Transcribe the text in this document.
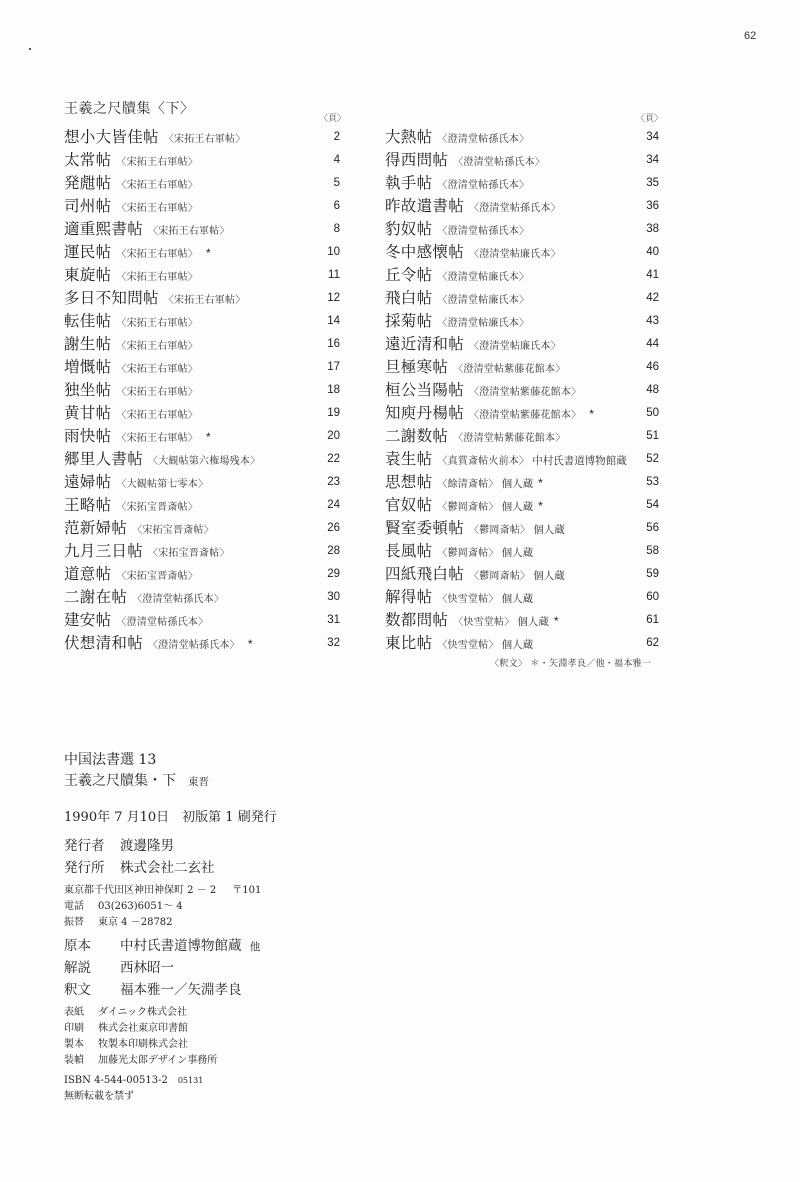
62
王羲之尺牘集〈下〉
〈頁〉
想小大皆佳帖 〈宋拓王右軍帖〉	2
太常帖 〈宋拓王右軍帖〉	4
発甝帖 〈宋拓王右軍帖〉	5
司州帖 〈宋拓王右軍帖〉	6
適重熙書帖 〈宋拓王右軍帖〉	8
運民帖 〈宋拓王右軍帖〉 *	10
東旋帖 〈宋拓王右軍帖〉	11
多日不知問帖 〈宋拓王右軍帖〉	12
転佳帖 〈宋拓王右軍帖〉	14
謝生帖 〈宋拓王右軍帖〉	16
増慨帖 〈宋拓王右軍帖〉	17
独坐帖 〈宋拓王右軍帖〉	18
黄甘帖 〈宋拓王右軍帖〉	19
雨快帖 〈宋拓王右軍帖〉 *	20
郷里人書帖 〈大観帖第六権場残本〉	22
遠婦帖 〈大観帖第七零本〉	23
王略帖 〈宋拓宝晋斎帖〉	24
范新婦帖 〈宋拓宝晋斎帖〉	26
九月三日帖 〈宋拓宝晋斎帖〉	28
道意帖 〈宋拓宝晋斎帖〉	29
二謝在帖 〈澄清堂帖孫氏本〉	30
建安帖 〈澄清堂帖孫氏本〉	31
伏想清和帖 〈澄清堂帖孫氏本〉 *	32
〈頁〉
大熱帖 〈澄清堂帖孫氏本〉	34
得西問帖 〈澄清堂帖孫氏本〉	34
執手帖 〈澄清堂帖孫氏本〉	35
昨故遣書帖 〈澄清堂帖孫氏本〉	36
豹奴帖 〈澄清堂帖孫氏本〉	38
冬中感懐帖 〈澄清堂帖廉氏本〉	40
丘令帖 〈澄清堂帖廉氏本〉	41
飛白帖 〈澄清堂帖廉氏本〉	42
採菊帖 〈澄清堂帖廉氏本〉	43
遠近清和帖 〈澄清堂帖廉氏本〉	44
旦極寒帖 〈澄清堂帖紫藤花館本〉	46
桓公当陽帖 〈澄清堂帖紫藤花館本〉	48
知庾丹楊帖 〈澄清堂帖紫藤花館本〉 *	50
二謝数帖 〈澄清堂帖紫藤花館本〉	51
袁生帖 〈真賞斎帖火前本〉 中村氏書道博物館蔵 52
思想帖 〈餘清斎帖〉 個人蔵 *	53
官奴帖 〈鬱岡斎帖〉 個人蔵 *	54
賢室委頓帖 〈鬱岡斎帖〉 個人蔵	56
長風帖 〈鬱岡斎帖〉 個人蔵	58
四紙飛白帖 〈鬱岡斎帖〉 個人蔵	59
解得帖 〈快雪堂帖〉 個人蔵	60
数都問帖 〈快雪堂帖〉 個人蔵 *	61
東比帖 〈快雪堂帖〉 個人蔵	62
〈釈文〉 ＊・矢淵孝良／他・福本雅一
中国法書選 13
王羲之尺牘集・下 東晋
1990年 7 月10日　初版第 1 刷発行
発行者 渡邊隆男
発行所 株式会社二玄社
東京都千代田区神田神保町 2 － 2 〒101
電話 03(263)6051～ 4
振替 東京 4 －28782
原本 中村氏書道博物館蔵 他
解説 西林昭一
釈文 福本雅一／矢淵孝良
表紙 ダイニック株式会社
印刷 株式会社東京印書館
製本 牧製本印刷株式会社
装幀 加藤光太郎デザイン事務所
ISBN 4-544-00513-2 05131
無断転載を禁ず
